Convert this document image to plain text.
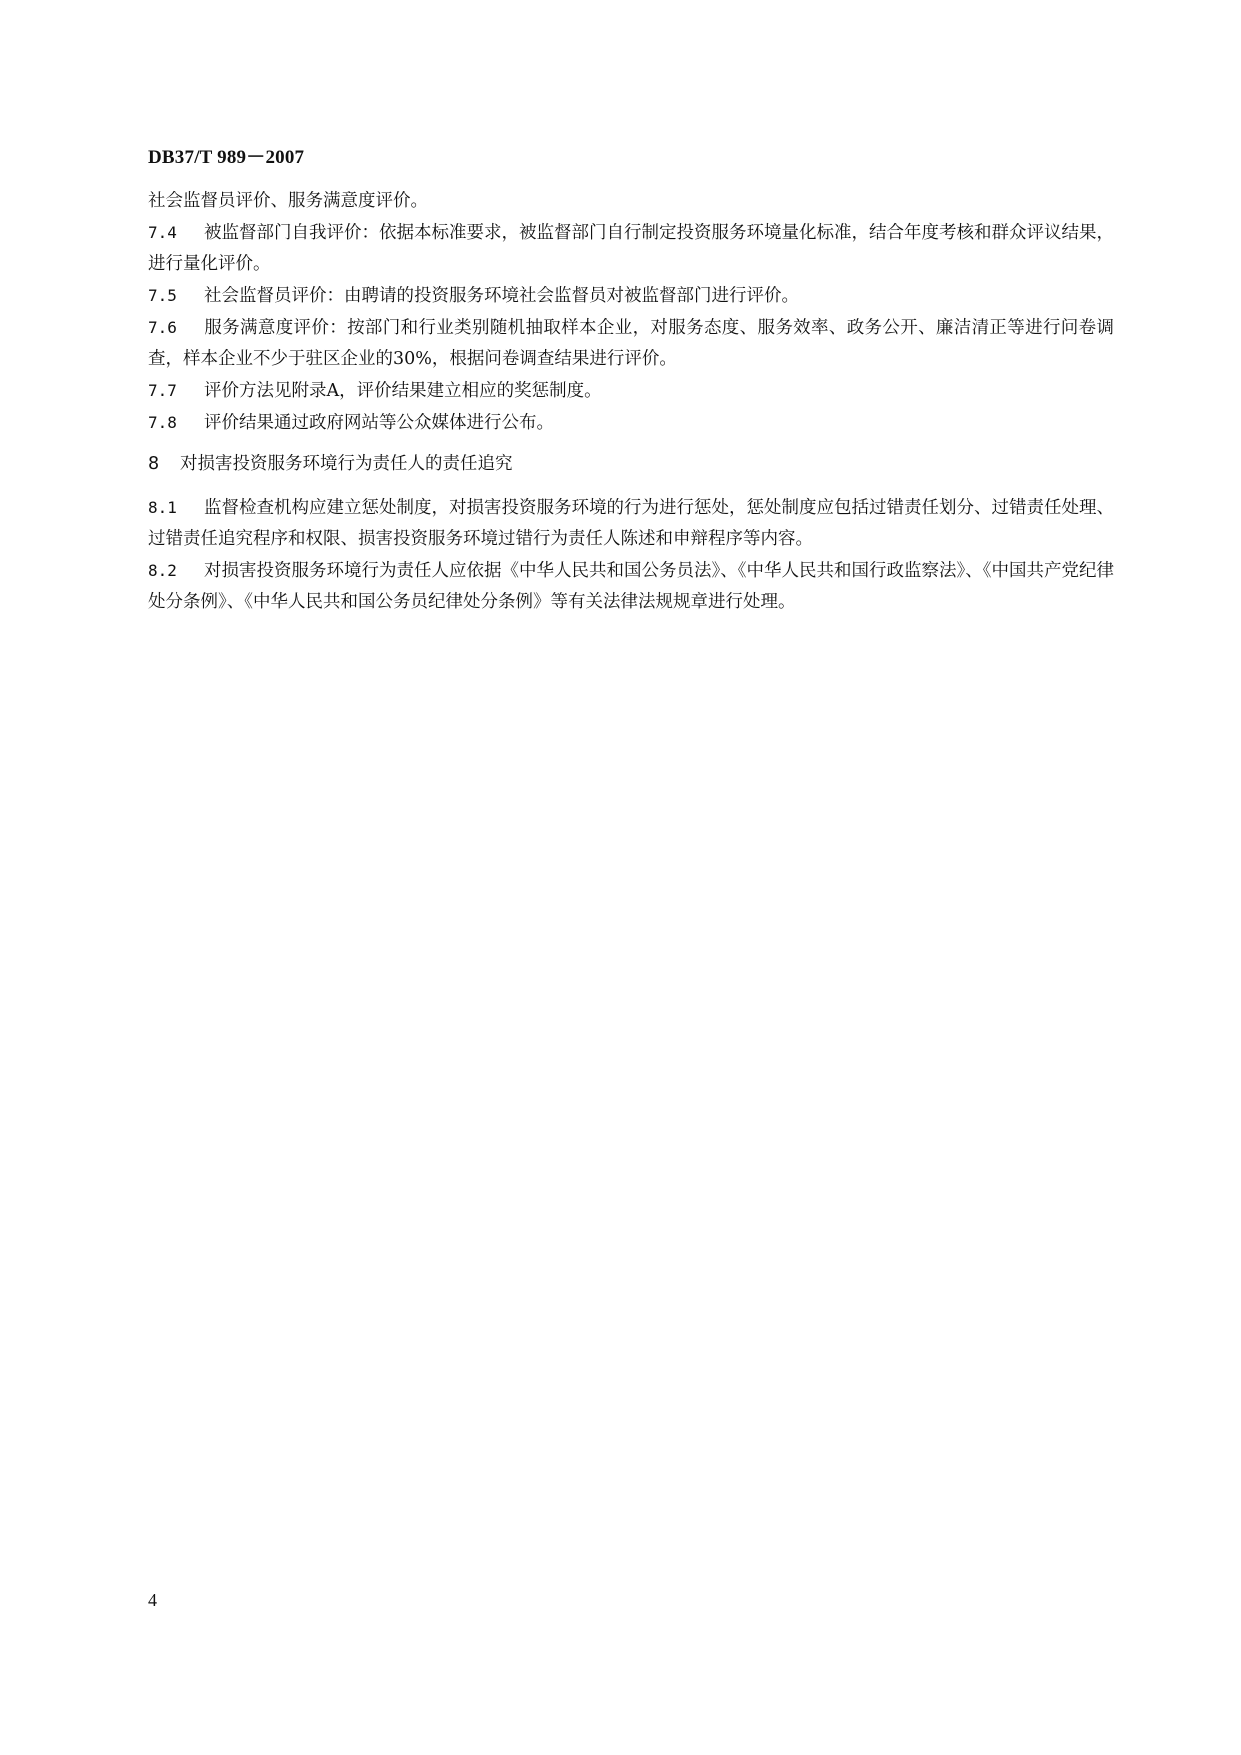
DB37/T 989－2007

社会监督员评价、服务满意度评价。

7.4 被监督部门自我评价：依据本标准要求，被监督部门自行制定投资服务环境量化标准，结合年度考核和群众评议结果，进行量化评价。

7.5 社会监督员评价：由聘请的投资服务环境社会监督员对被监督部门进行评价。

7.6 服务满意度评价：按部门和行业类别随机抽取样本企业，对服务态度、服务效率、政务公开、廉洁清正等进行问卷调查，样本企业不少于驻区企业的30%，根据问卷调查结果进行评价。

7.7 评价方法见附录A，评价结果建立相应的奖惩制度。

7.8 评价结果通过政府网站等公众媒体进行公布。

8 对损害投资服务环境行为责任人的责任追究

8.1 监督检查机构应建立惩处制度，对损害投资服务环境的行为进行惩处，惩处制度应包括过错责任划分、过错责任处理、过错责任追究程序和权限、损害投资服务环境过错行为责任人陈述和申辩程序等内容。

8.2 对损害投资服务环境行为责任人应依据《中华人民共和国公务员法》、《中华人民共和国行政监察法》、《中国共产党纪律处分条例》、《中华人民共和国公务员纪律处分条例》等有关法律法规规章进行处理。

4
